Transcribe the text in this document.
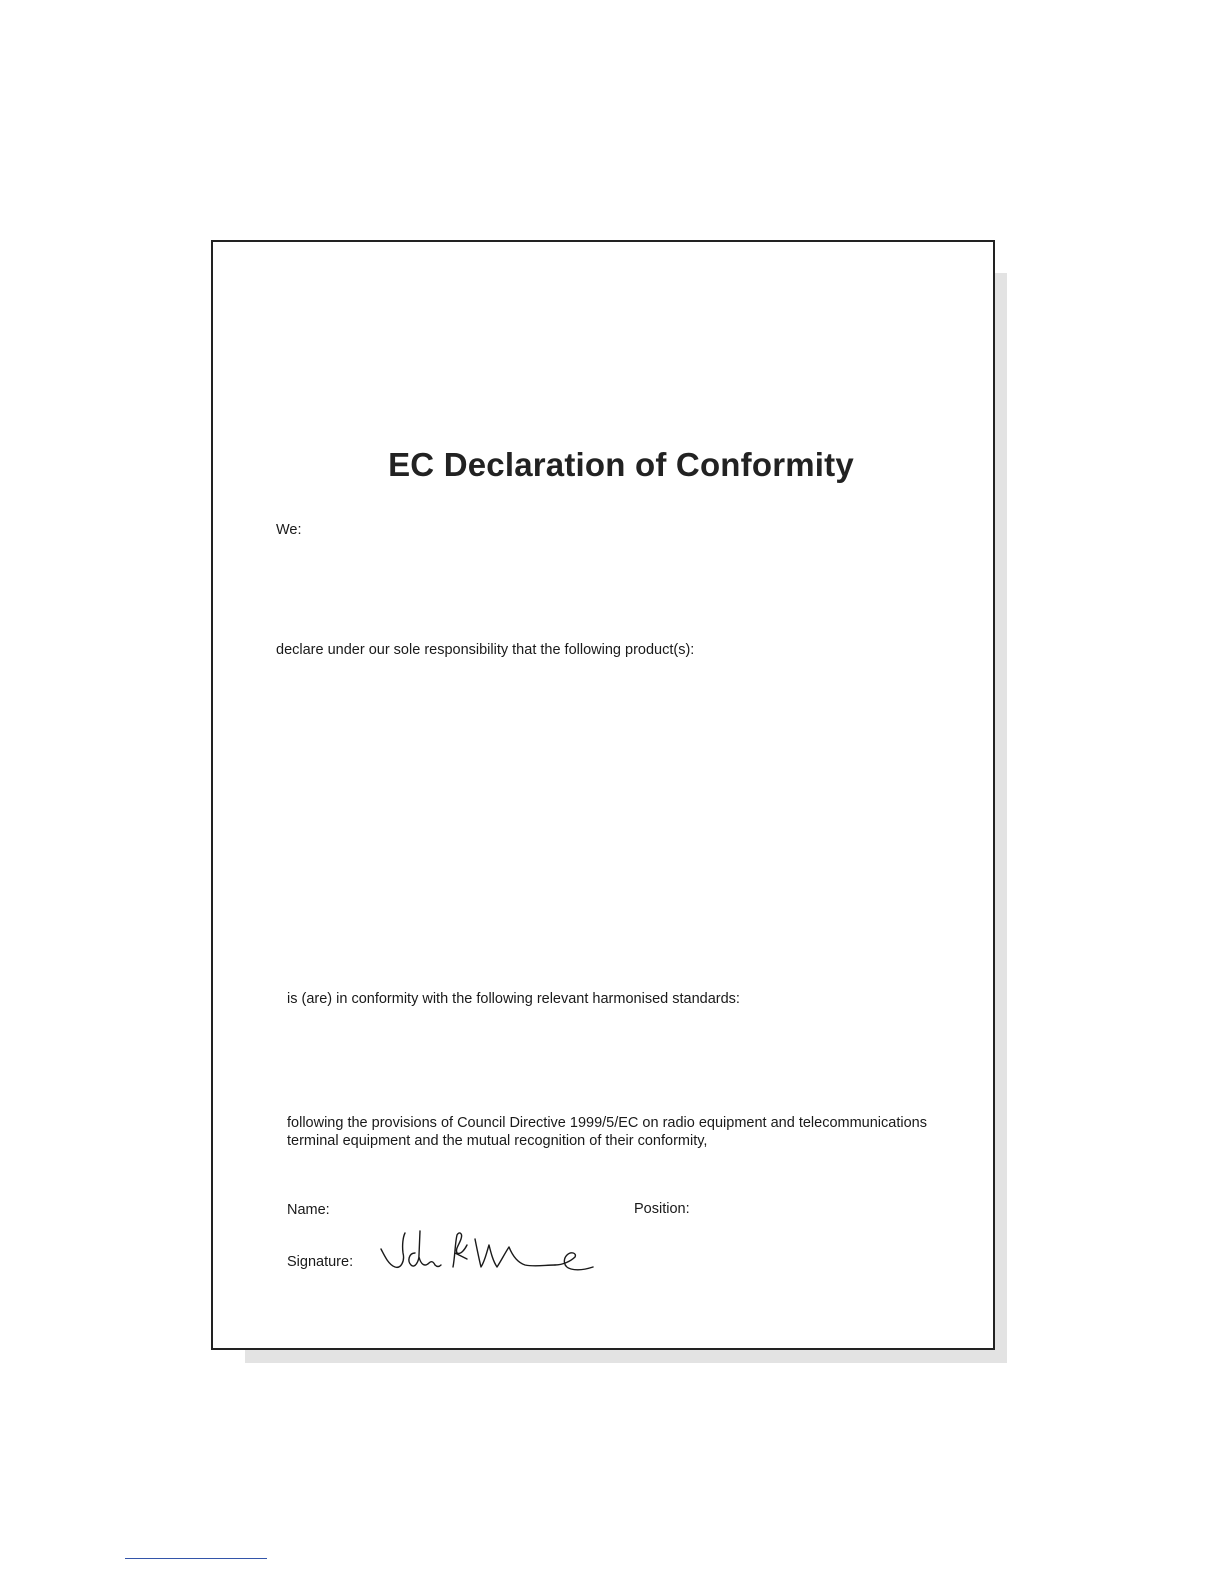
EC Declaration of Conformity
We:
declare under our sole responsibility that the following product(s):
is (are) in conformity with the following relevant harmonised standards:
following the provisions of Council Directive 1999/5/EC on radio equipment and telecommunications
terminal equipment and the mutual recognition of their conformity,
Name:	Position:
Signature:
